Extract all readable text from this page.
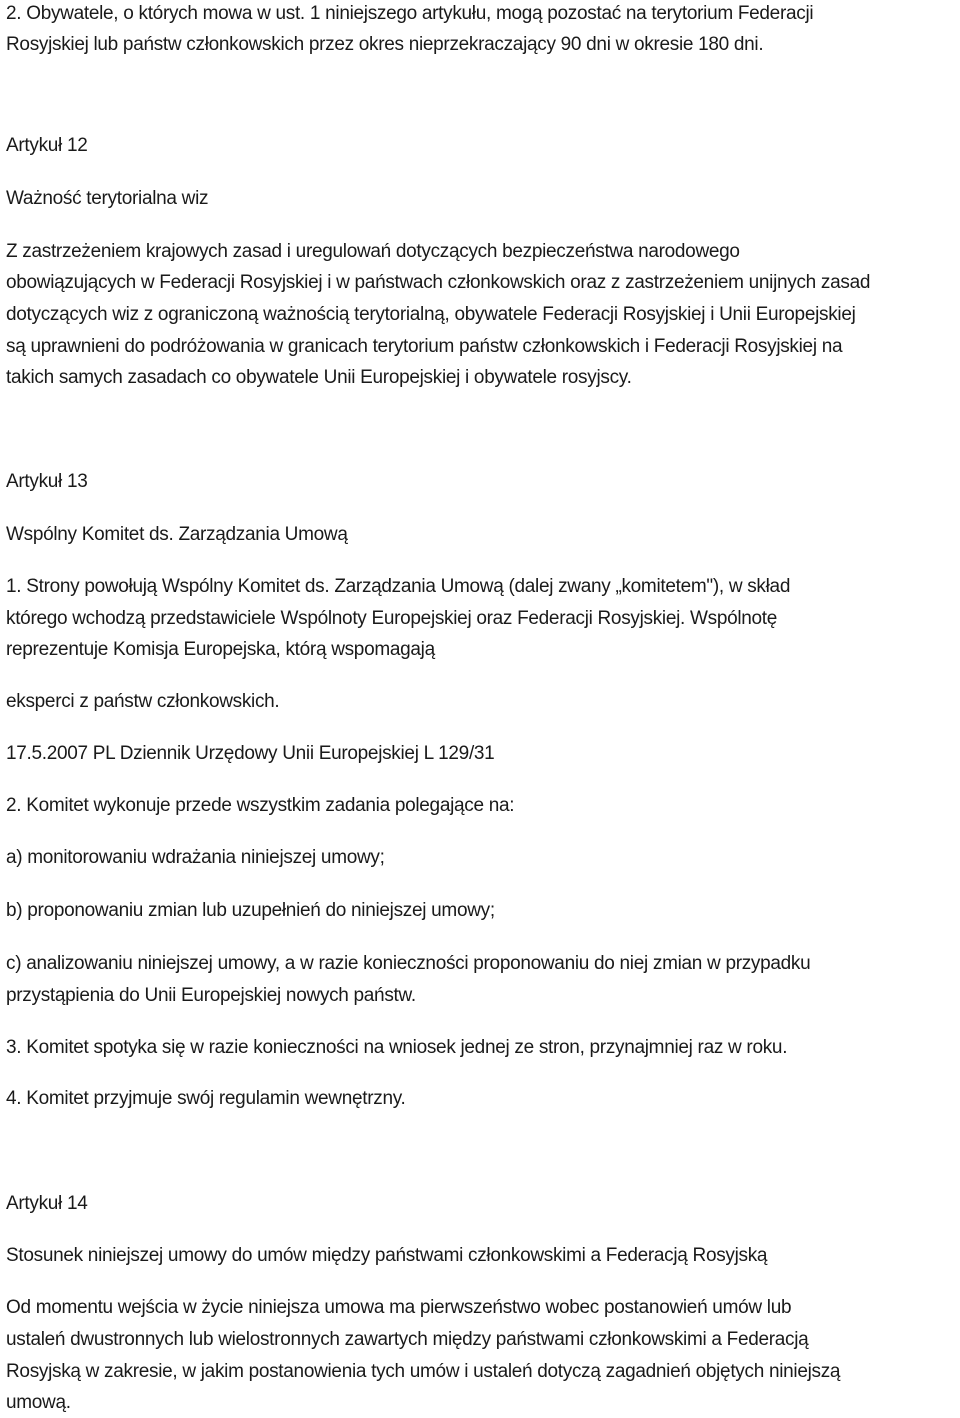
2. Obywatele, o których mowa w ust. 1 niniejszego artykułu, mogą pozostać na terytorium Federacji

Rosyjskiej lub państw członkowskich przez okres nieprzekraczający 90 dni w okresie 180 dni.

Artykuł 12

Ważność terytorialna wiz

Z zastrzeżeniem krajowych zasad i uregulowań dotyczących bezpieczeństwa narodowego

obowiązujących w Federacji Rosyjskiej i w państwach członkowskich oraz z zastrzeżeniem unijnych zasad

dotyczących wiz z ograniczoną ważnością terytorialną, obywatele Federacji Rosyjskiej i Unii Europejskiej

są uprawnieni do podróżowania w granicach terytorium państw członkowskich i Federacji Rosyjskiej na

takich samych zasadach co obywatele Unii Europejskiej i obywatele rosyjscy.

Artykuł 13

Wspólny Komitet ds. Zarządzania Umową

1. Strony powołują Wspólny Komitet ds. Zarządzania Umową (dalej zwany „komitetem"), w skład

którego wchodzą przedstawiciele Wspólnoty Europejskiej oraz Federacji Rosyjskiej. Wspólnotę

reprezentuje Komisja Europejska, którą wspomagają

eksperci z państw członkowskich.

17.5.2007 PL Dziennik Urzędowy Unii Europejskiej L 129/31

2. Komitet wykonuje przede wszystkim zadania polegające na:

a) monitorowaniu wdrażania niniejszej umowy;

b) proponowaniu zmian lub uzupełnień do niniejszej umowy;

c) analizowaniu niniejszej umowy, a w razie konieczności proponowaniu do niej zmian w przypadku

przystąpienia do Unii Europejskiej nowych państw.

3. Komitet spotyka się w razie konieczności na wniosek jednej ze stron, przynajmniej raz w roku.

4. Komitet przyjmuje swój regulamin wewnętrzny.

Artykuł 14

Stosunek niniejszej umowy do umów między państwami członkowskimi a Federacją Rosyjską

Od momentu wejścia w życie niniejsza umowa ma pierwszeństwo wobec postanowień umów lub

ustaleń dwustronnych lub wielostronnych zawartych między państwami członkowskimi a Federacją

Rosyjską w zakresie, w jakim postanowienia tych umów i ustaleń dotyczą zagadnień objętych niniejszą

umową.
